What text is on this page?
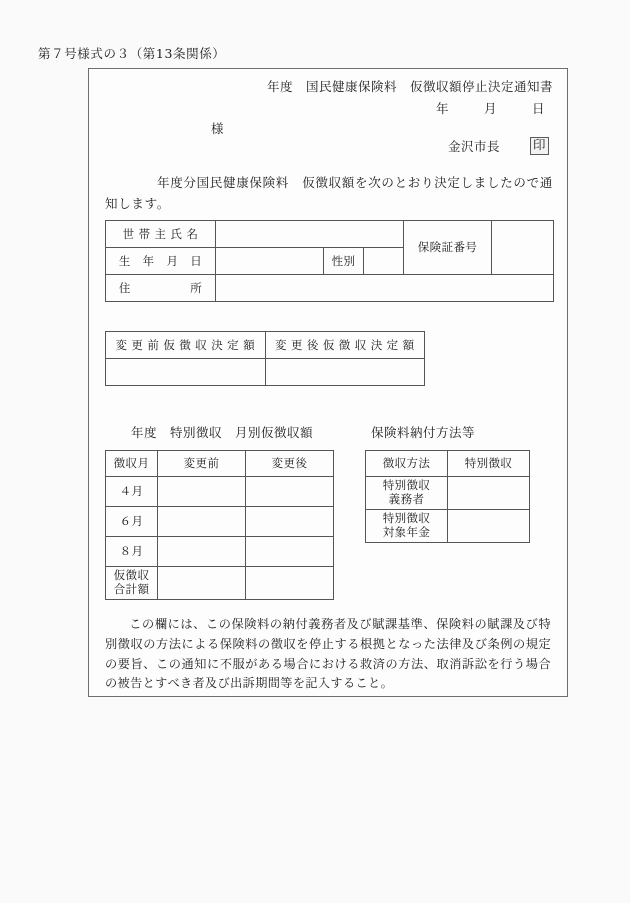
第７号様式の３（第13条関係）
年度　国民健康保険料　仮徴収額停止決定通知書
年	月	日
様
金沢市長	印
年度分国民健康保険料　仮徴収額を次のとおり決定しましたので通知します。
世 帯 主 氏 名				保険証番号	
生　年　月　日		性別			
住　　　　　所					
変 更 前 仮 徴 収 決 定 額	変 更 後 仮 徴 収 決 定 額

年度　特別徴収　月別仮徴収額	保険料納付方法等
徴収月	変更前	変更後
４月		
６月		
８月		

仮徴収
合計額		

徴収方法	特別徴収

特別徴収
義務者	

特別徴収
対象年金	

この欄には、この保険料の納付義務者及び賦課基準、保険料の賦課及び特別徴収の方法による保険料の徴収を停止する根拠となった法律及び条例の規定の要旨、この通知に不服がある場合における救済の方法、取消訴訟を行う場合の被告とすべき者及び出訴期間等を記入すること。
